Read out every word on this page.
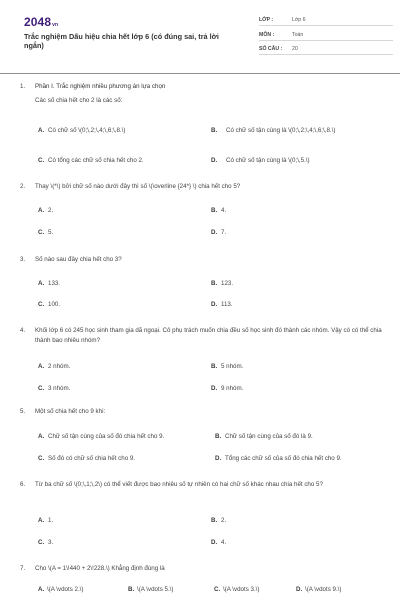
2048vn
Trắc nghiệm Dấu hiệu chia hết lớp 6 (có đúng sai, trả lời ngắn)
LỚP :	Lớp 6
MÔN :	Toán
SỐ CÂU :	20
1.	Phần I. Trắc nghiệm nhiều phương án lựa chọn
Các số chia hết cho 2 là các số:
A. Có chữ số \(0;\,2;\,4;\,6;\,8.\)	B.	Có chữ số tận cùng là \(0;\,2;\,4;\,6;\,8.\)
C. Có tổng các chữ số chia hết cho 2.	D.	Có chữ số tận cùng là \(0;\,5.\)
2.	Thay \(*\) bởi chữ số nào dưới đây thì số \(\overline {24*} \) chia hết cho 5?
A. 2.	B. 4.
C. 5.	D. 7.
3.	Số nào sau đây chia hết cho 3?
A. 133.	B. 123.
C. 100.	D. 113.
4.	Khối lớp 6 có 245 học sinh tham gia dã ngoại. Cô phụ trách muốn chia đều số học sinh đó thành các nhóm. Vậy có có thể chia thành bao nhiêu nhóm?
A. 2 nhóm.	B. 5 nhóm.
C. 3 nhóm.	D. 9 nhóm.
5.	Một số chia hết cho 9 khi:
A. Chữ số tận cùng của số đó chia hết cho 9.	B. Chữ số tận cùng của số đó là 9.
C. Số đó có chữ số chia hết cho 9.	D. Tổng các chữ số của số đó chia hết cho 9.
6.	Từ ba chữ số \(0;\,1;\,2\) có thể viết được bao nhiêu số tự nhiên có hai chữ số khác nhau chia hết cho 5?
A. 1.	B. 2.
C. 3.	D. 4.
7.	Cho \(A = 1\!440 + 2\!228.\) Khẳng định đúng là
A. \(A \vdots 2.\)	B. \(A \vdots 5.\)	C. \(A \vdots 3.\)	D. \(A \vdots 9.\)
